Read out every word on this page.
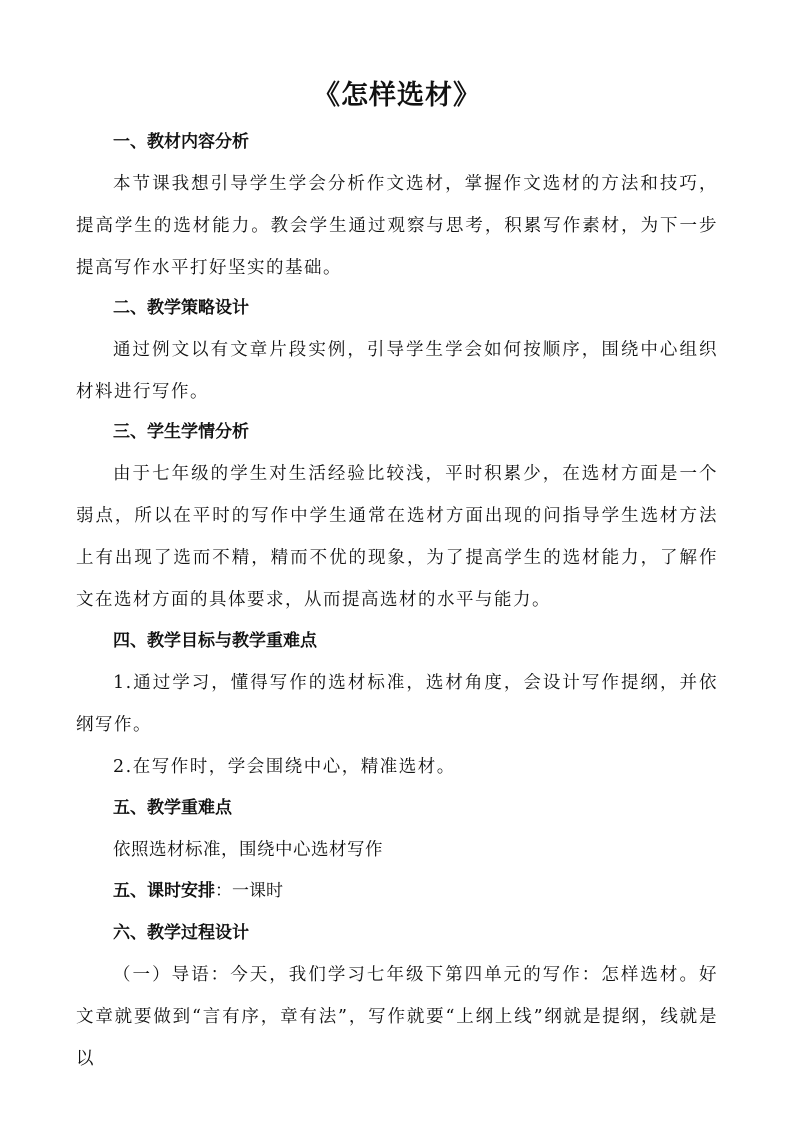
《怎样选材》
一、教材内容分析
本节课我想引导学生学会分析作文选材，掌握作文选材的方法和技巧，提高学生的选材能力。教会学生通过观察与思考，积累写作素材，为下一步提高写作水平打好坚实的基础。
二、教学策略设计
通过例文以有文章片段实例，引导学生学会如何按顺序，围绕中心组织材料进行写作。
三、学生学情分析
由于七年级的学生对生活经验比较浅，平时积累少，在选材方面是一个弱点，所以在平时的写作中学生通常在选材方面出现的问指导学生选材方法上有出现了选而不精，精而不优的现象，为了提高学生的选材能力，了解作文在选材方面的具体要求，从而提高选材的水平与能力。
四、教学目标与教学重难点
1.通过学习，懂得写作的选材标准，选材角度，会设计写作提纲，并依纲写作。
2.在写作时，学会围绕中心，精准选材。
五、教学重难点
依照选材标准，围绕中心选材写作
五、课时安排：一课时
六、教学过程设计
（一）导语：今天，我们学习七年级下第四单元的写作：怎样选材。好文章就要做到“言有序，章有法”，写作就要“上纲上线”纲就是提纲，线就是以
